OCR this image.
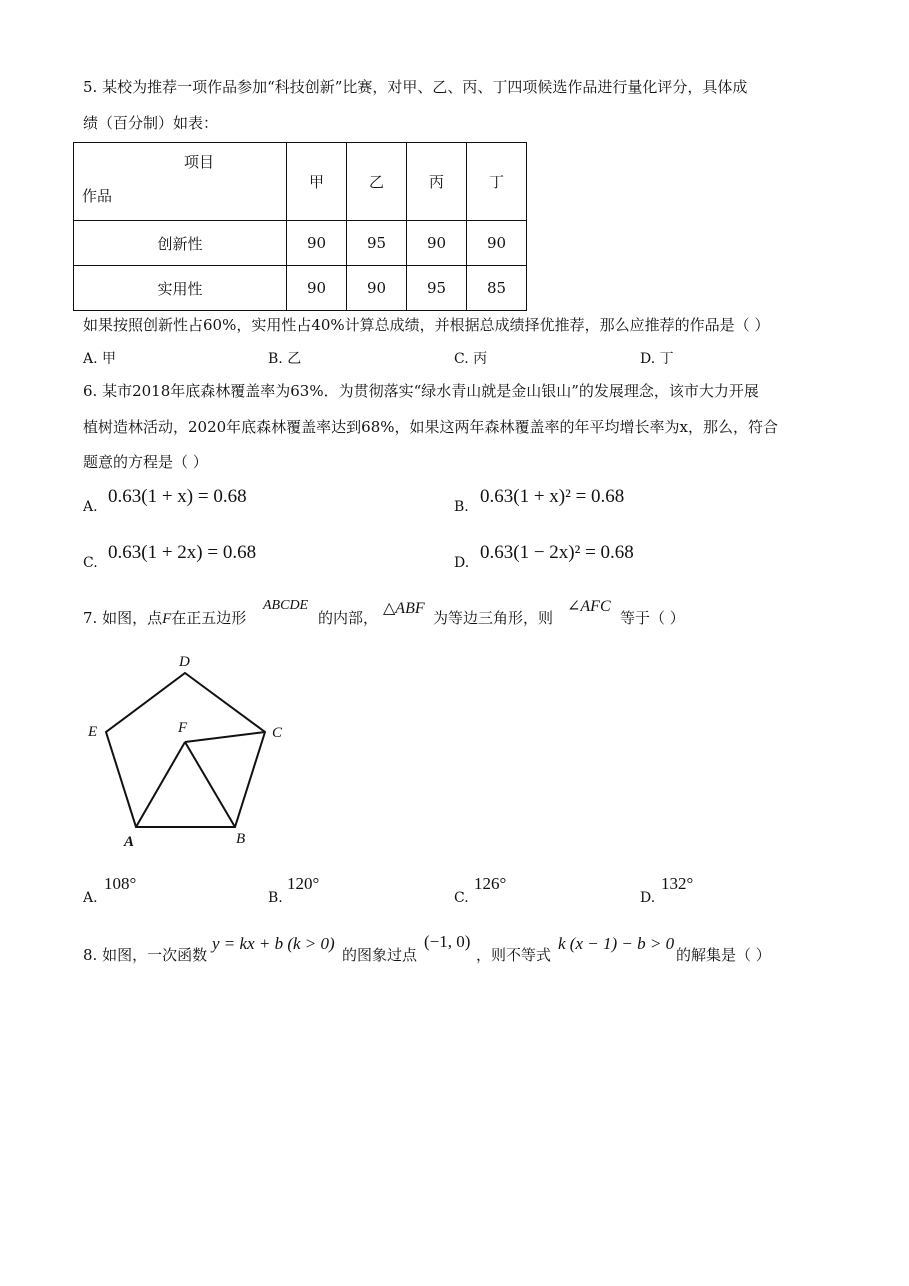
5. 某校为推荐一项作品参加“科技创新”比赛，对甲、乙、丙、丁四项候选作品进行量化评分，具体成
绩（百分制）如表：
项目
作品	甲	乙	丙	丁
创新性	90	95	90	90
实用性	90	90	95	85
如果按照创新性占60%，实用性占40%计算总成绩，并根据总成绩择优推荐，那么应推荐的作品是（ ）
A. 甲	B. 乙	C. 丙	D. 丁
6. 某市2018年底森林覆盖率为63%．为贯彻落实“绿水青山就是金山银山”的发展理念，该市大力开展
植树造林活动，2020年底森林覆盖率达到68%，如果这两年森林覆盖率的年平均增长率为x，那么，符合
题意的方程是（ ）
A. 0.63(1 + x) = 0.68	B. 0.63(1 + x)² = 0.68
C. 0.63(1 + 2x) = 0.68	D. 0.63(1 − 2x)² = 0.68
7. 如图，点F在正五边形
ABCDE
的内部，
△ABF
为等边三角形，则
∠AFC
等于（ ）
D
E	F	C
A	B
A.
108°
B.
120°
C.
126°
D.
132°
8. 如图，一次函数
y = kx + b (k > 0)
的图象过点
(−1, 0)
，则不等式
k (x − 1) − b > 0
的解集是（ ）
